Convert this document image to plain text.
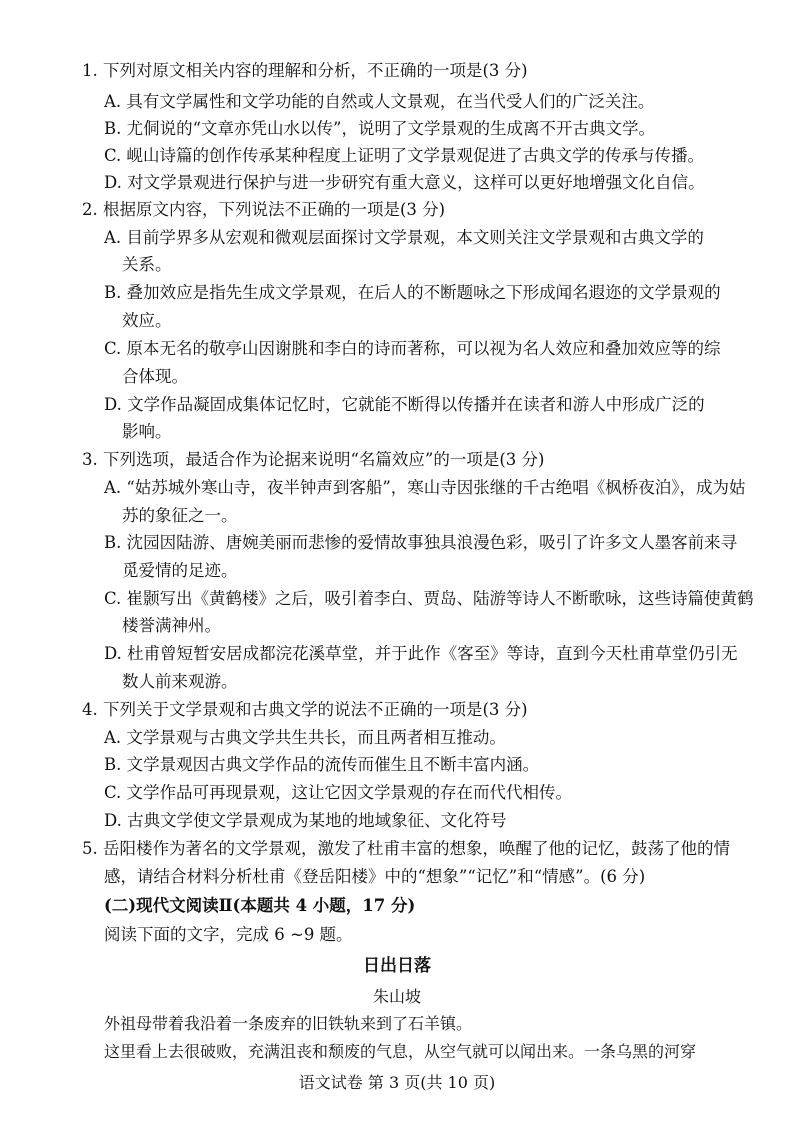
1. 下列对原文相关内容的理解和分析，不正确的一项是(3 分)
A. 具有文学属性和文学功能的自然或人文景观，在当代受人们的广泛关注。
B. 尤侗说的“文章亦凭山水以传”，说明了文学景观的生成离不开古典文学。
C. 岘山诗篇的创作传承某种程度上证明了文学景观促进了古典文学的传承与传播。
D. 对文学景观进行保护与进一步研究有重大意义，这样可以更好地增强文化自信。
2. 根据原文内容，下列说法不正确的一项是(3 分)
A. 目前学界多从宏观和微观层面探讨文学景观，本文则关注文学景观和古典文学的
关系。
B. 叠加效应是指先生成文学景观，在后人的不断题咏之下形成闻名遐迩的文学景观的
效应。
C. 原本无名的敬亭山因谢朓和李白的诗而著称，可以视为名人效应和叠加效应等的综
合体现。
D. 文学作品凝固成集体记忆时，它就能不断得以传播并在读者和游人中形成广泛的
影响。
3. 下列选项，最适合作为论据来说明“名篇效应”的一项是(3 分)
A. “姑苏城外寒山寺，夜半钟声到客船”，寒山寺因张继的千古绝唱《枫桥夜泊》，成为姑
苏的象征之一。
B. 沈园因陆游、唐婉美丽而悲惨的爱情故事独具浪漫色彩，吸引了许多文人墨客前来寻
觅爱情的足迹。
C. 崔颢写出《黄鹤楼》之后，吸引着李白、贾岛、陆游等诗人不断歌咏，这些诗篇使黄鹤
楼誉满神州。
D. 杜甫曾短暂安居成都浣花溪草堂，并于此作《客至》等诗，直到今天杜甫草堂仍引无
数人前来观游。
4. 下列关于文学景观和古典文学的说法不正确的一项是(3 分)
A. 文学景观与古典文学共生共长，而且两者相互推动。
B. 文学景观因古典文学作品的流传而催生且不断丰富内涵。
C. 文学作品可再现景观，这让它因文学景观的存在而代代相传。
D. 古典文学使文学景观成为某地的地域象征、文化符号
5. 岳阳楼作为著名的文学景观，激发了杜甫丰富的想象，唤醒了他的记忆，鼓荡了他的情
感，请结合材料分析杜甫《登岳阳楼》中的“想象”“记忆”和“情感”。(6 分)
(二)现代文阅读Ⅱ(本题共 4 小题，17 分)
阅读下面的文字，完成 6 ~9 题。
日出日落
朱山坡
外祖母带着我沿着一条废弃的旧铁轨来到了石羊镇。
这里看上去很破败，充满沮丧和颓废的气息，从空气就可以闻出来。一条乌黑的河穿
语文试卷 第 3 页(共 10 页)
